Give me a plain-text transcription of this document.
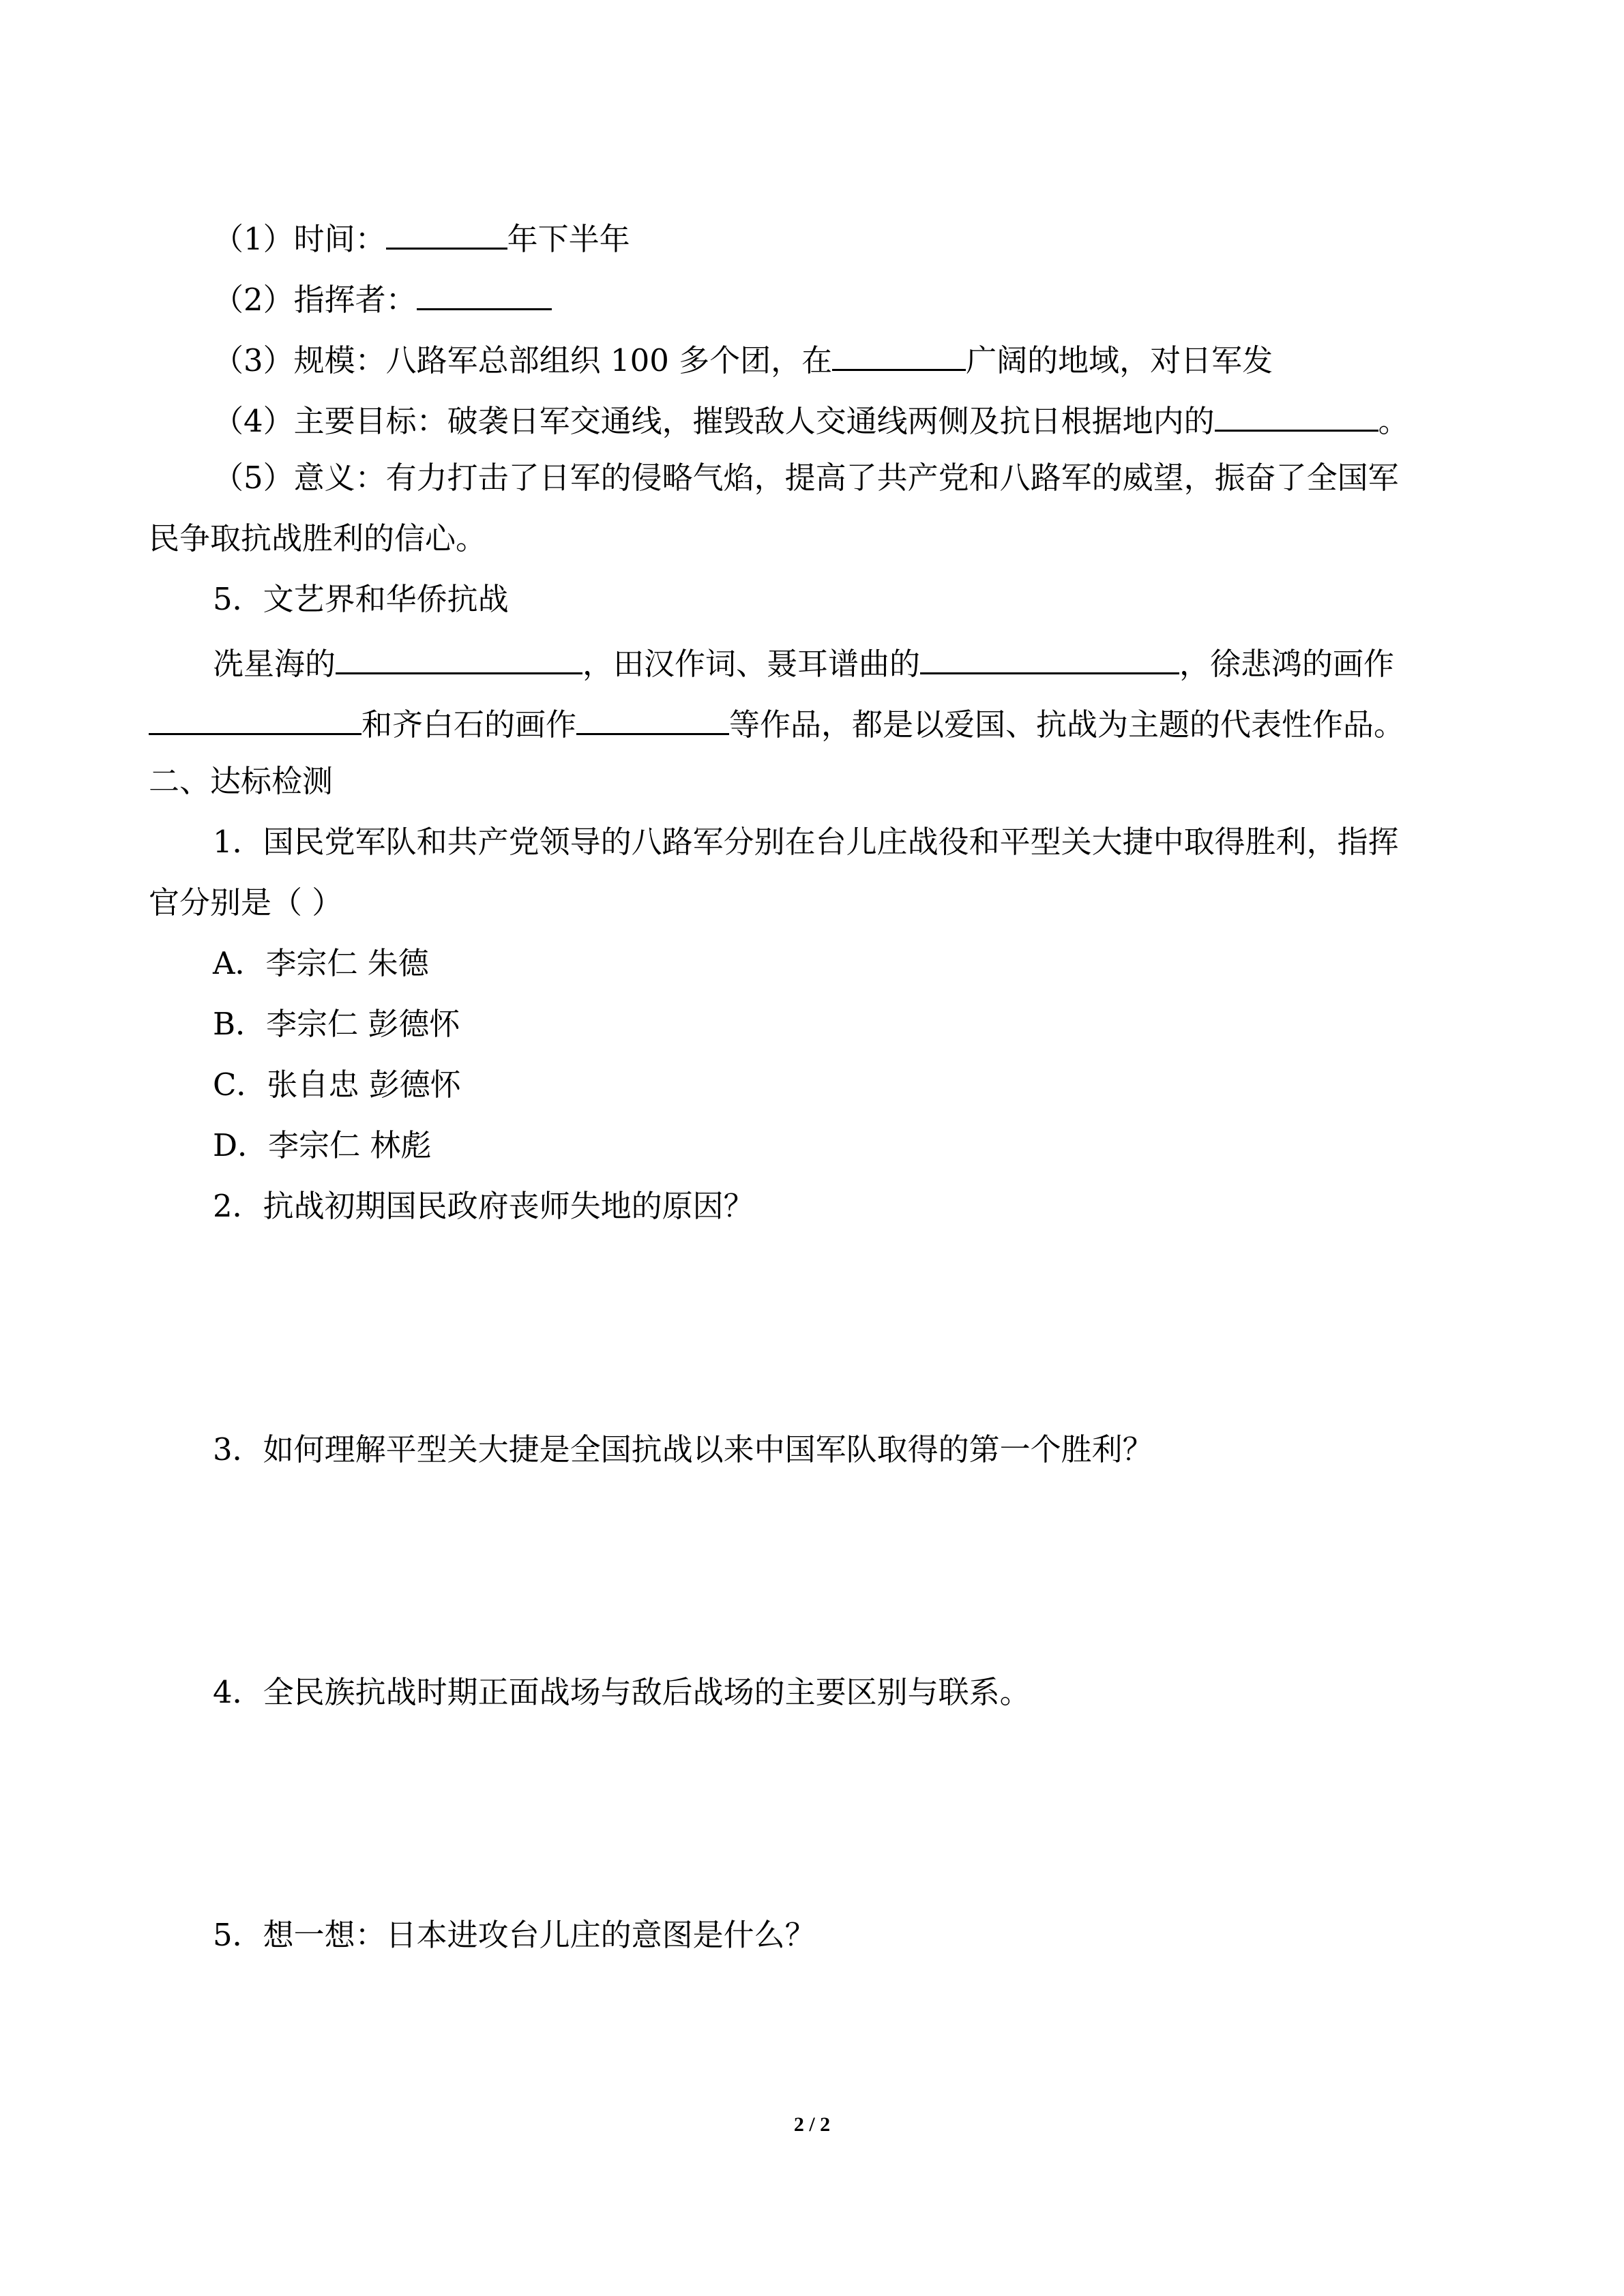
（1）时间：	年下半年
（2）指挥者：
（3）规模：八路军总部组织 100 多个团，在	广阔的地域，对日军发
（4）主要目标：破袭日军交通线，摧毁敌人交通线两侧及抗日根据地内的	。
（5）意义：有力打击了日军的侵略气焰，提高了共产党和八路军的威望，振奋了全国军
民争取抗战胜利的信心。
5．文艺界和华侨抗战
冼星海的	，田汉作词、聂耳谱曲的	，徐悲鸿的画作
和齐白石的画作	等作品，都是以爱国、抗战为主题的代表性作品。
二、达标检测
1．国民党军队和共产党领导的八路军分别在台儿庄战役和平型关大捷中取得胜利，指挥
官分别是（ ）
A．李宗仁 朱德
B．李宗仁 彭德怀
C．张自忠 彭德怀
D．李宗仁 林彪
2．抗战初期国民政府丧师失地的原因？
3．如何理解平型关大捷是全国抗战以来中国军队取得的第一个胜利？
4．全民族抗战时期正面战场与敌后战场的主要区别与联系。
5．想一想：日本进攻台儿庄的意图是什么？
2 / 2
